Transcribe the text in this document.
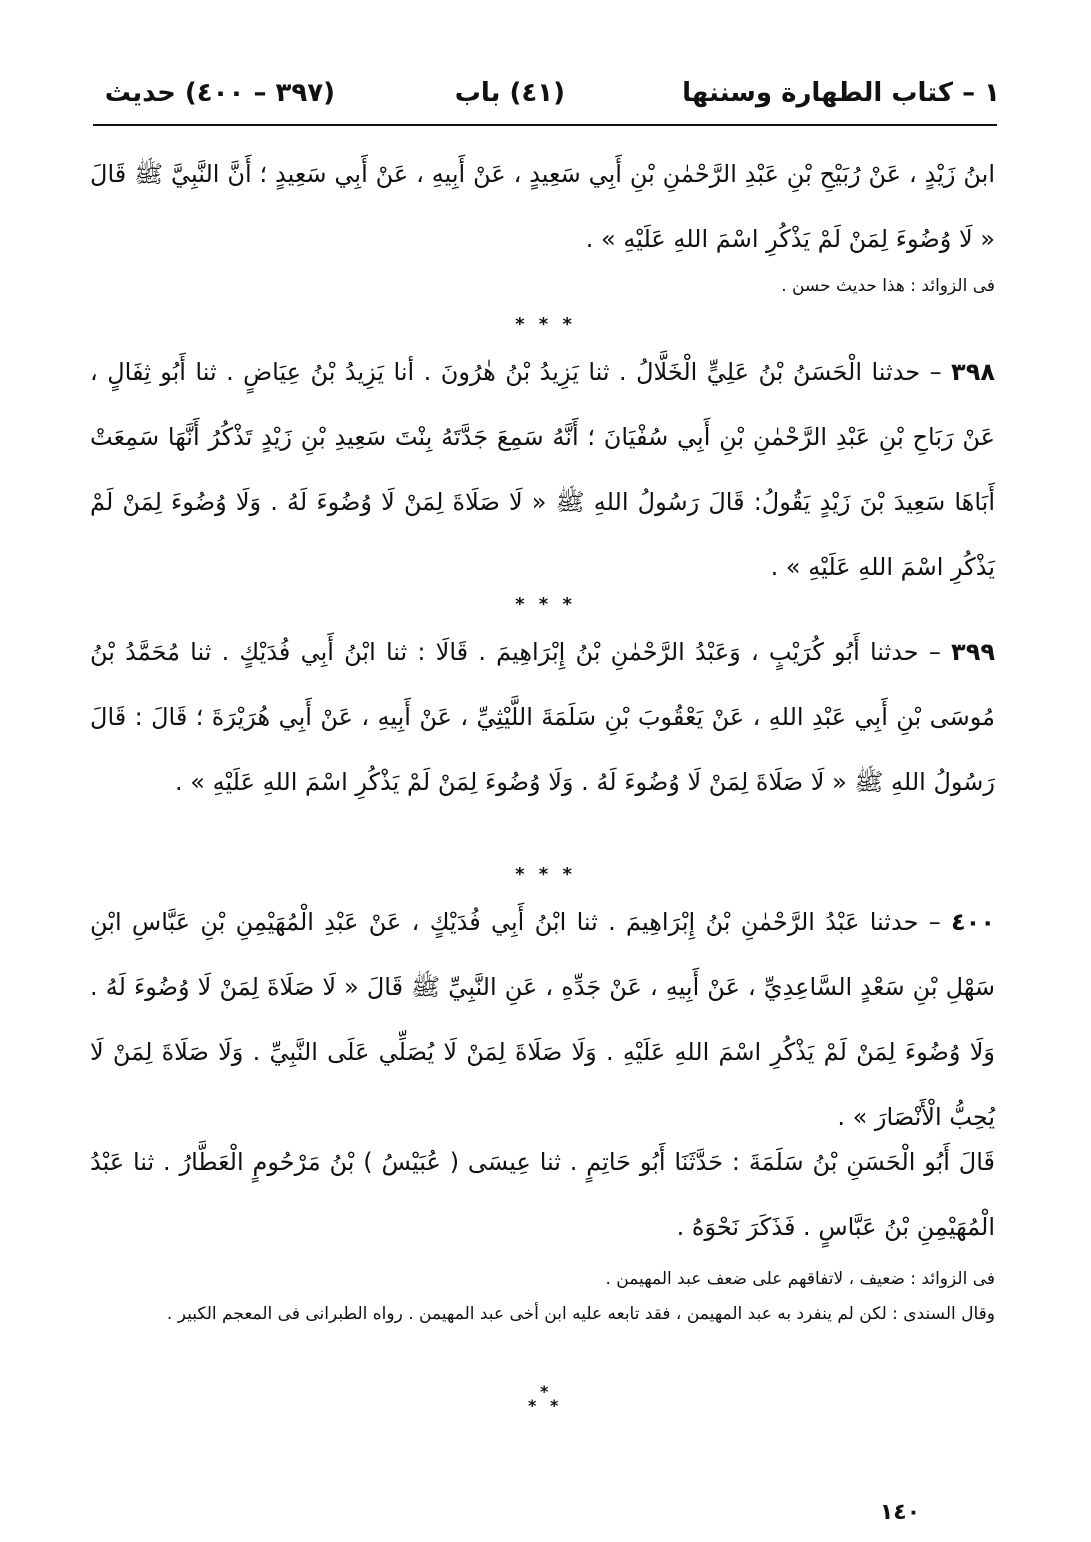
١ – كتاب الطهارة وسننها
(٤١) باب
(٣٩٧ – ٤٠٠) حديث
ابنُ زَيْدٍ ، عَنْ رُبَيْحِ بْنِ عَبْدِ الرَّحْمٰنِ بْنِ أَبِي سَعِيدٍ ، عَنْ أَبِيهِ ، عَنْ أَبِي سَعِيدٍ ؛ أَنَّ النَّبِيَّ ﷺ قَالَ « لَا وُضُوءَ لِمَنْ لَمْ يَذْكُرِ اسْمَ اللهِ عَلَيْهِ » .
فى الزوائد : هذا حديث حسن .
* * *
٣٩٨ – حدثنا الْحَسَنُ بْنُ عَلِيٍّ الْخَلَّالُ . ثنا يَزِيدُ بْنُ هٰرُونَ . أنا يَزِيدُ بْنُ عِيَاضٍ . ثنا أَبُو ثِفَالٍ ، عَنْ رَبَاحِ بْنِ عَبْدِ الرَّحْمٰنِ بْنِ أَبِي سُفْيَانَ ؛ أَنَّهُ سَمِعَ جَدَّتَهُ بِنْتَ سَعِيدِ بْنِ زَيْدٍ تَذْكُرُ أَنَّهَا سَمِعَتْ أَبَاهَا سَعِيدَ بْنَ زَيْدٍ يَقُولُ: قَالَ رَسُولُ اللهِ ﷺ « لَا صَلَاةَ لِمَنْ لَا وُضُوءَ لَهُ . وَلَا وُضُوءَ لِمَنْ لَمْ يَذْكُرِ اسْمَ اللهِ عَلَيْهِ » .
* * *
٣٩٩ – حدثنا أَبُو كُرَيْبٍ ، وَعَبْدُ الرَّحْمٰنِ بْنُ إِبْرَاهِيمَ . قَالَا : ثنا ابْنُ أَبِي فُدَيْكٍ . ثنا مُحَمَّدُ بْنُ مُوسَى بْنِ أَبِي عَبْدِ اللهِ ، عَنْ يَعْقُوبَ بْنِ سَلَمَةَ اللَّيْثِيِّ ، عَنْ أَبِيهِ ، عَنْ أَبِي هُرَيْرَةَ ؛ قَالَ : قَالَ رَسُولُ اللهِ ﷺ « لَا صَلَاةَ لِمَنْ لَا وُضُوءَ لَهُ . وَلَا وُضُوءَ لِمَنْ لَمْ يَذْكُرِ اسْمَ اللهِ عَلَيْهِ » .
* * *
٤٠٠ – حدثنا عَبْدُ الرَّحْمٰنِ بْنُ إِبْرَاهِيمَ . ثنا ابْنُ أَبِي فُدَيْكٍ ، عَنْ عَبْدِ الْمُهَيْمِنِ بْنِ عَبَّاسِ ابْنِ سَهْلِ بْنِ سَعْدٍ السَّاعِدِيِّ ، عَنْ أَبِيهِ ، عَنْ جَدِّهِ ، عَنِ النَّبِيِّ ﷺ قَالَ « لَا صَلَاةَ لِمَنْ لَا وُضُوءَ لَهُ . وَلَا وُضُوءَ لِمَنْ لَمْ يَذْكُرِ اسْمَ اللهِ عَلَيْهِ . وَلَا صَلَاةَ لِمَنْ لَا يُصَلِّي عَلَى النَّبِيِّ . وَلَا صَلَاةَ لِمَنْ لَا يُحِبُّ الْأَنْصَارَ » .
قَالَ أَبُو الْحَسَنِ بْنُ سَلَمَةَ : حَدَّثَنَا أَبُو حَاتِمٍ . ثنا عِيسَى ( عُبَيْسُ ) بْنُ مَرْحُومٍ الْعَطَّارُ . ثنا عَبْدُ الْمُهَيْمِنِ بْنُ عَبَّاسٍ . فَذَكَرَ نَحْوَهُ .
فى الزوائد : ضعيف ، لاتفاقهم على ضعف عبد المهيمن .
وقال السندى : لكن لم ينفرد به عبد المهيمن ، فقد تابعه عليه ابن أخى عبد المهيمن . رواه الطبرانى فى المعجم الكبير .
*
* *
١٤٠
